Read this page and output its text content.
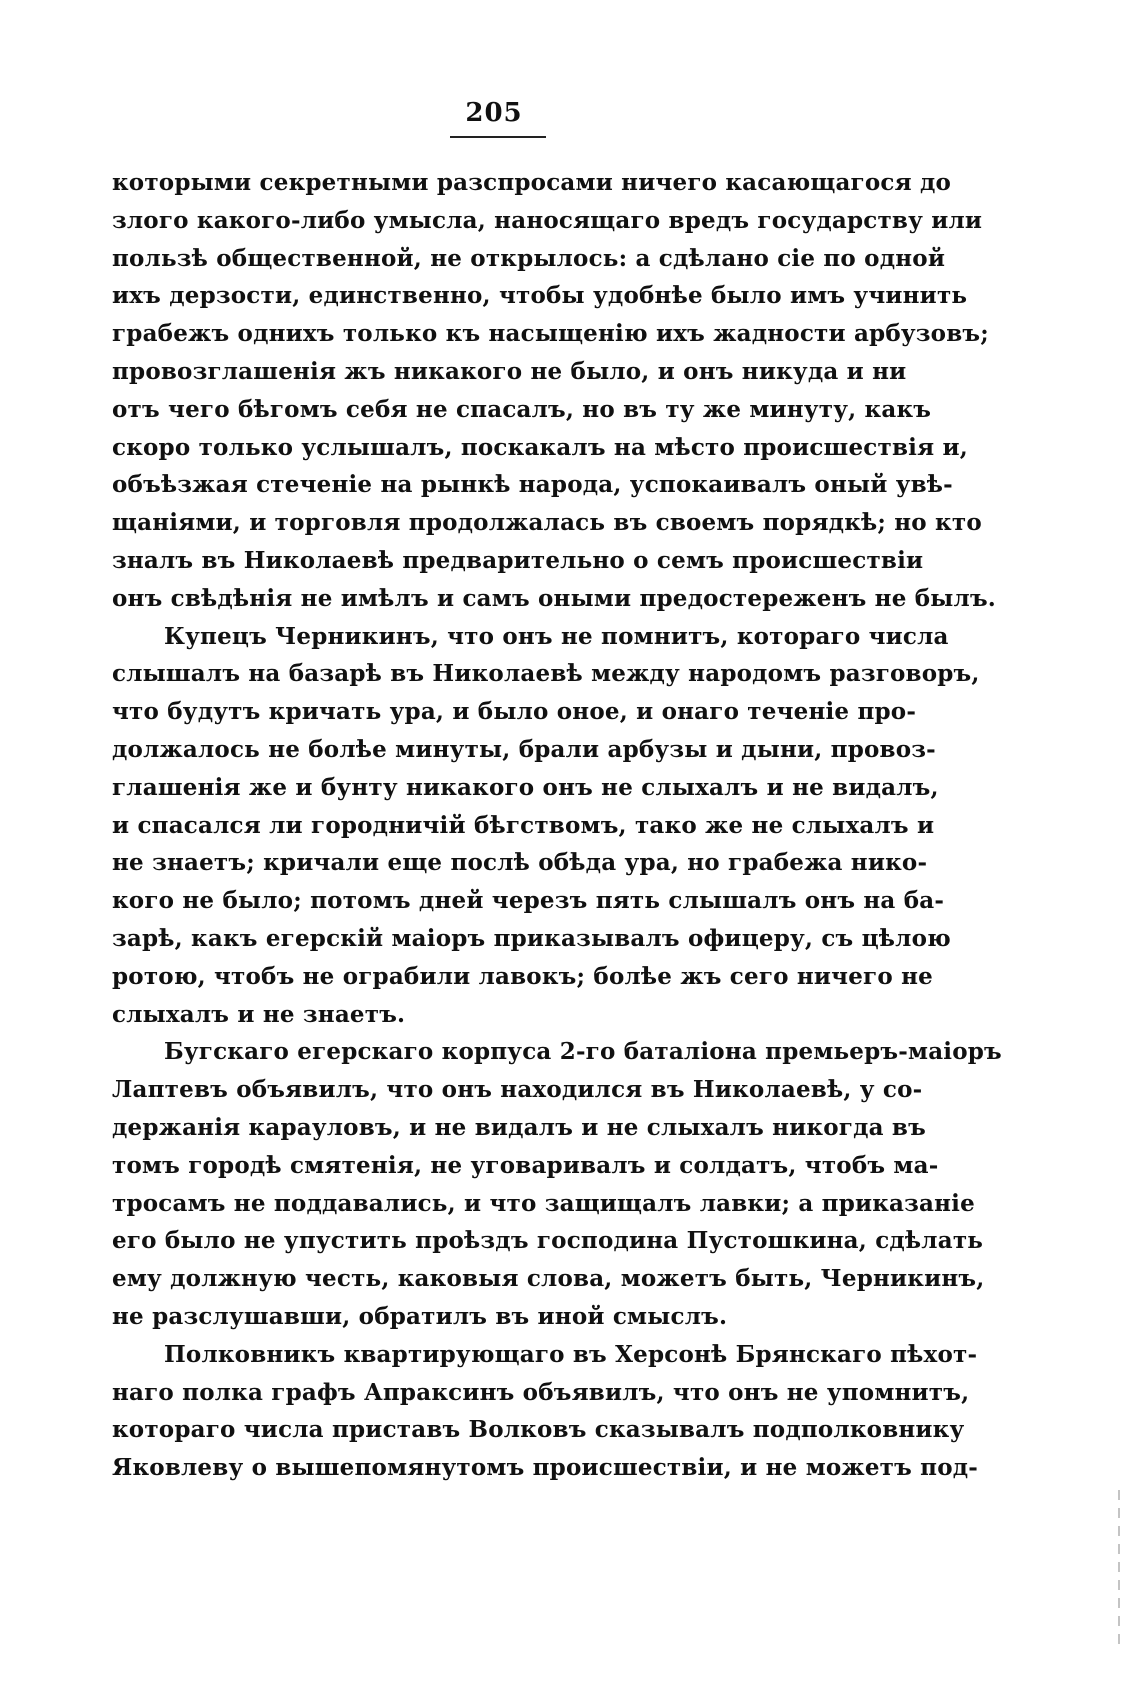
205
которыми секретными разспросами ничего касающагося до
злого какого-либо умысла, наносящаго вредъ государству или
пользѣ общественной, не открылось: а сдѣлано сіе по одной
ихъ дерзости, единственно, чтобы удобнѣе было имъ учинить
грабежъ однихъ только къ насыщенію ихъ жадности арбузовъ;
провозглашенія жъ никакого не было, и онъ никуда и ни
отъ чего бѣгомъ себя не спасалъ, но въ ту же минуту, какъ
скоро только услышалъ, поскакалъ на мѣсто происшествія и,
объѣзжая стеченіе на рынкѣ народа, успокаивалъ оный увѣ-
щаніями, и торговля продолжалась въ своемъ порядкѣ; но кто
зналъ въ Николаевѣ предварительно о семъ происшествіи
онъ свѣдѣнія не имѣлъ и самъ оными предостереженъ не былъ.
Купецъ Черникинъ, что онъ не помнитъ, котораго числа
слышалъ на базарѣ въ Николаевѣ между народомъ разговоръ,
что будутъ кричать ура, и было оное, и онаго теченіе про-
должалось не болѣе минуты, брали арбузы и дыни, провоз-
глашенія же и бунту никакого онъ не слыхалъ и не видалъ,
и спасался ли городничій бѣгствомъ, тако же не слыхалъ и
не знаетъ; кричали еще послѣ обѣда ура, но грабежа нико-
кого не было; потомъ дней черезъ пять слышалъ онъ на ба-
зарѣ, какъ егерскій маіоръ приказывалъ офицеру, съ цѣлою
ротою, чтобъ не ограбили лавокъ; болѣе жъ сего ничего не
слыхалъ и не знаетъ.
Бугскаго егерскаго корпуса 2-го баталіона премьеръ-маіоръ
Лаптевъ объявилъ, что онъ находился въ Николаевѣ, у со-
держанія карауловъ, и не видалъ и не слыхалъ никогда въ
томъ городѣ смятенія, не уговаривалъ и солдатъ, чтобъ ма-
тросамъ не поддавались, и что защищалъ лавки; а приказаніе
его было не упустить проѣздъ господина Пустошкина, сдѣлать
ему должную честь, каковыя слова, можетъ быть, Черникинъ,
не разслушавши, обратилъ въ иной смыслъ.
Полковникъ квартирующаго въ Херсонѣ Брянскаго пѣхот-
наго полка графъ Апраксинъ объявилъ, что онъ не упомнитъ,
котораго числа приставъ Волковъ сказывалъ подполковнику
Яковлеву о вышепомянутомъ происшествіи, и не можетъ под-
